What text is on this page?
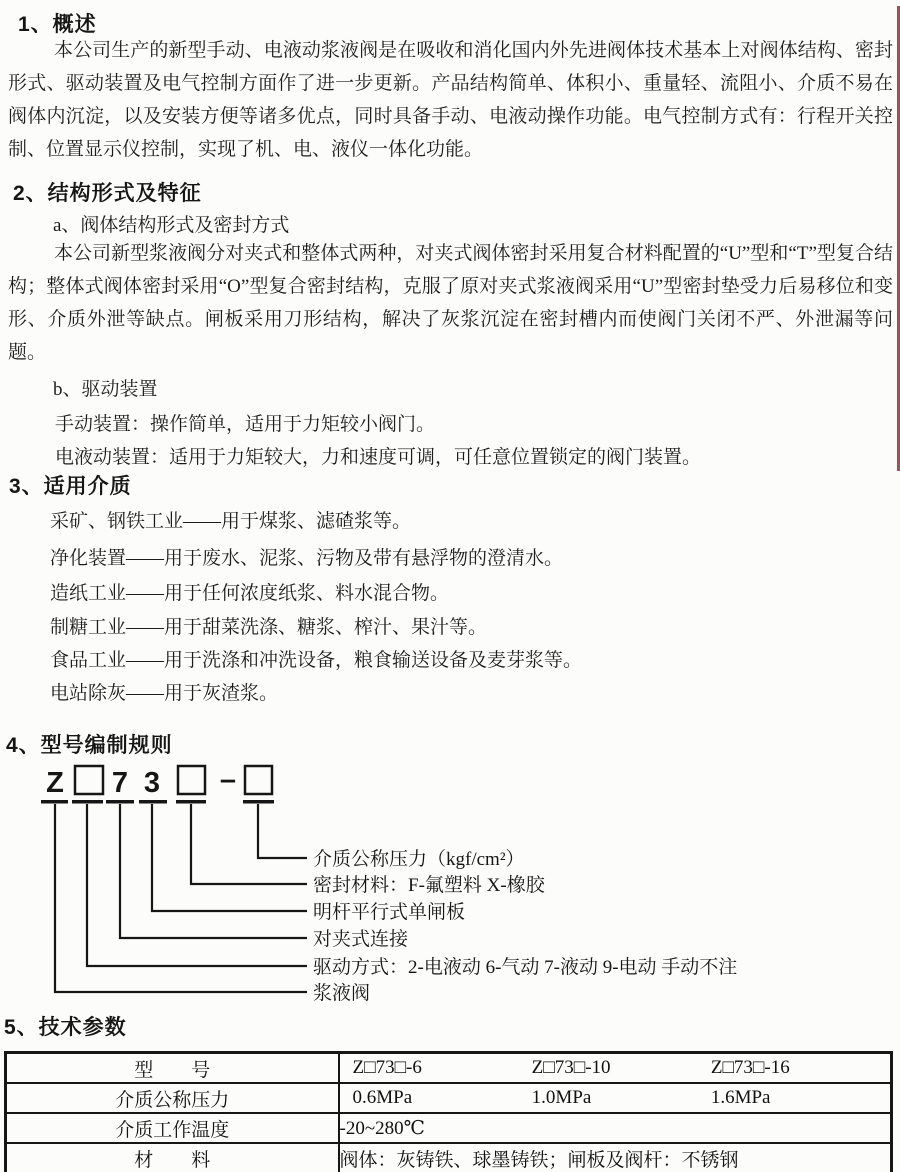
1、概述

本公司生产的新型手动、电液动浆液阀是在吸收和消化国内外先进阀体技术基本上对阀体结构、密封形式、驱动装置及电气控制方面作了进一步更新。产品结构简单、体积小、重量轻、流阻小、介质不易在阀体内沉淀，以及安装方便等诸多优点，同时具备手动、电液动操作功能。电气控制方式有：行程开关控制、位置显示仪控制，实现了机、电、液仪一体化功能。

2、结构形式及特征
a、阀体结构形式及密封方式

本公司新型浆液阀分对夹式和整体式两种，对夹式阀体密封采用复合材料配置的“U”型和“T”型复合结构；整体式阀体密封采用“O”型复合密封结构，克服了原对夹式浆液阀采用“U”型密封垫受力后易移位和变形、介质外泄等缺点。闸板采用刀形结构，解决了灰浆沉淀在密封槽内而使阀门关闭不严、外泄漏等问题。

b、驱动装置
手动装置：操作简单，适用于力矩较小阀门。
电液动装置：适用于力矩较大，力和速度可调，可任意位置锁定的阀门装置。
3、适用介质
采矿、钢铁工业——用于煤浆、滤碴浆等。
净化装置——用于废水、泥浆、污物及带有悬浮物的澄清水。
造纸工业——用于任何浓度纸浆、料水混合物。
制糖工业——用于甜菜洗涤、糖浆、榨汁、果汁等。
食品工业——用于洗涤和冲洗设备，粮食输送设备及麦芽浆等。
电站除灰——用于灰渣浆。
4、型号编制规则
Z 7 3 –
介质公称压力（kgf/cm²）
密封材料：F-氟塑料 X-橡胶
明杆平行式单闸板
对夹式连接
驱动方式：2-电液动 6-气动 7-液动 9-电动 手动不注
浆液阀
5、技术参数
型　　号	Z□73□-6 Z□73□-10 Z□73□-16

介质公称压力	0.6MPa 1.0MPa 1.6MPa

介质工作温度	-20~280℃
材　　料	阀体：灰铸铁、球墨铸铁；闸板及阀杆：不锈钢
